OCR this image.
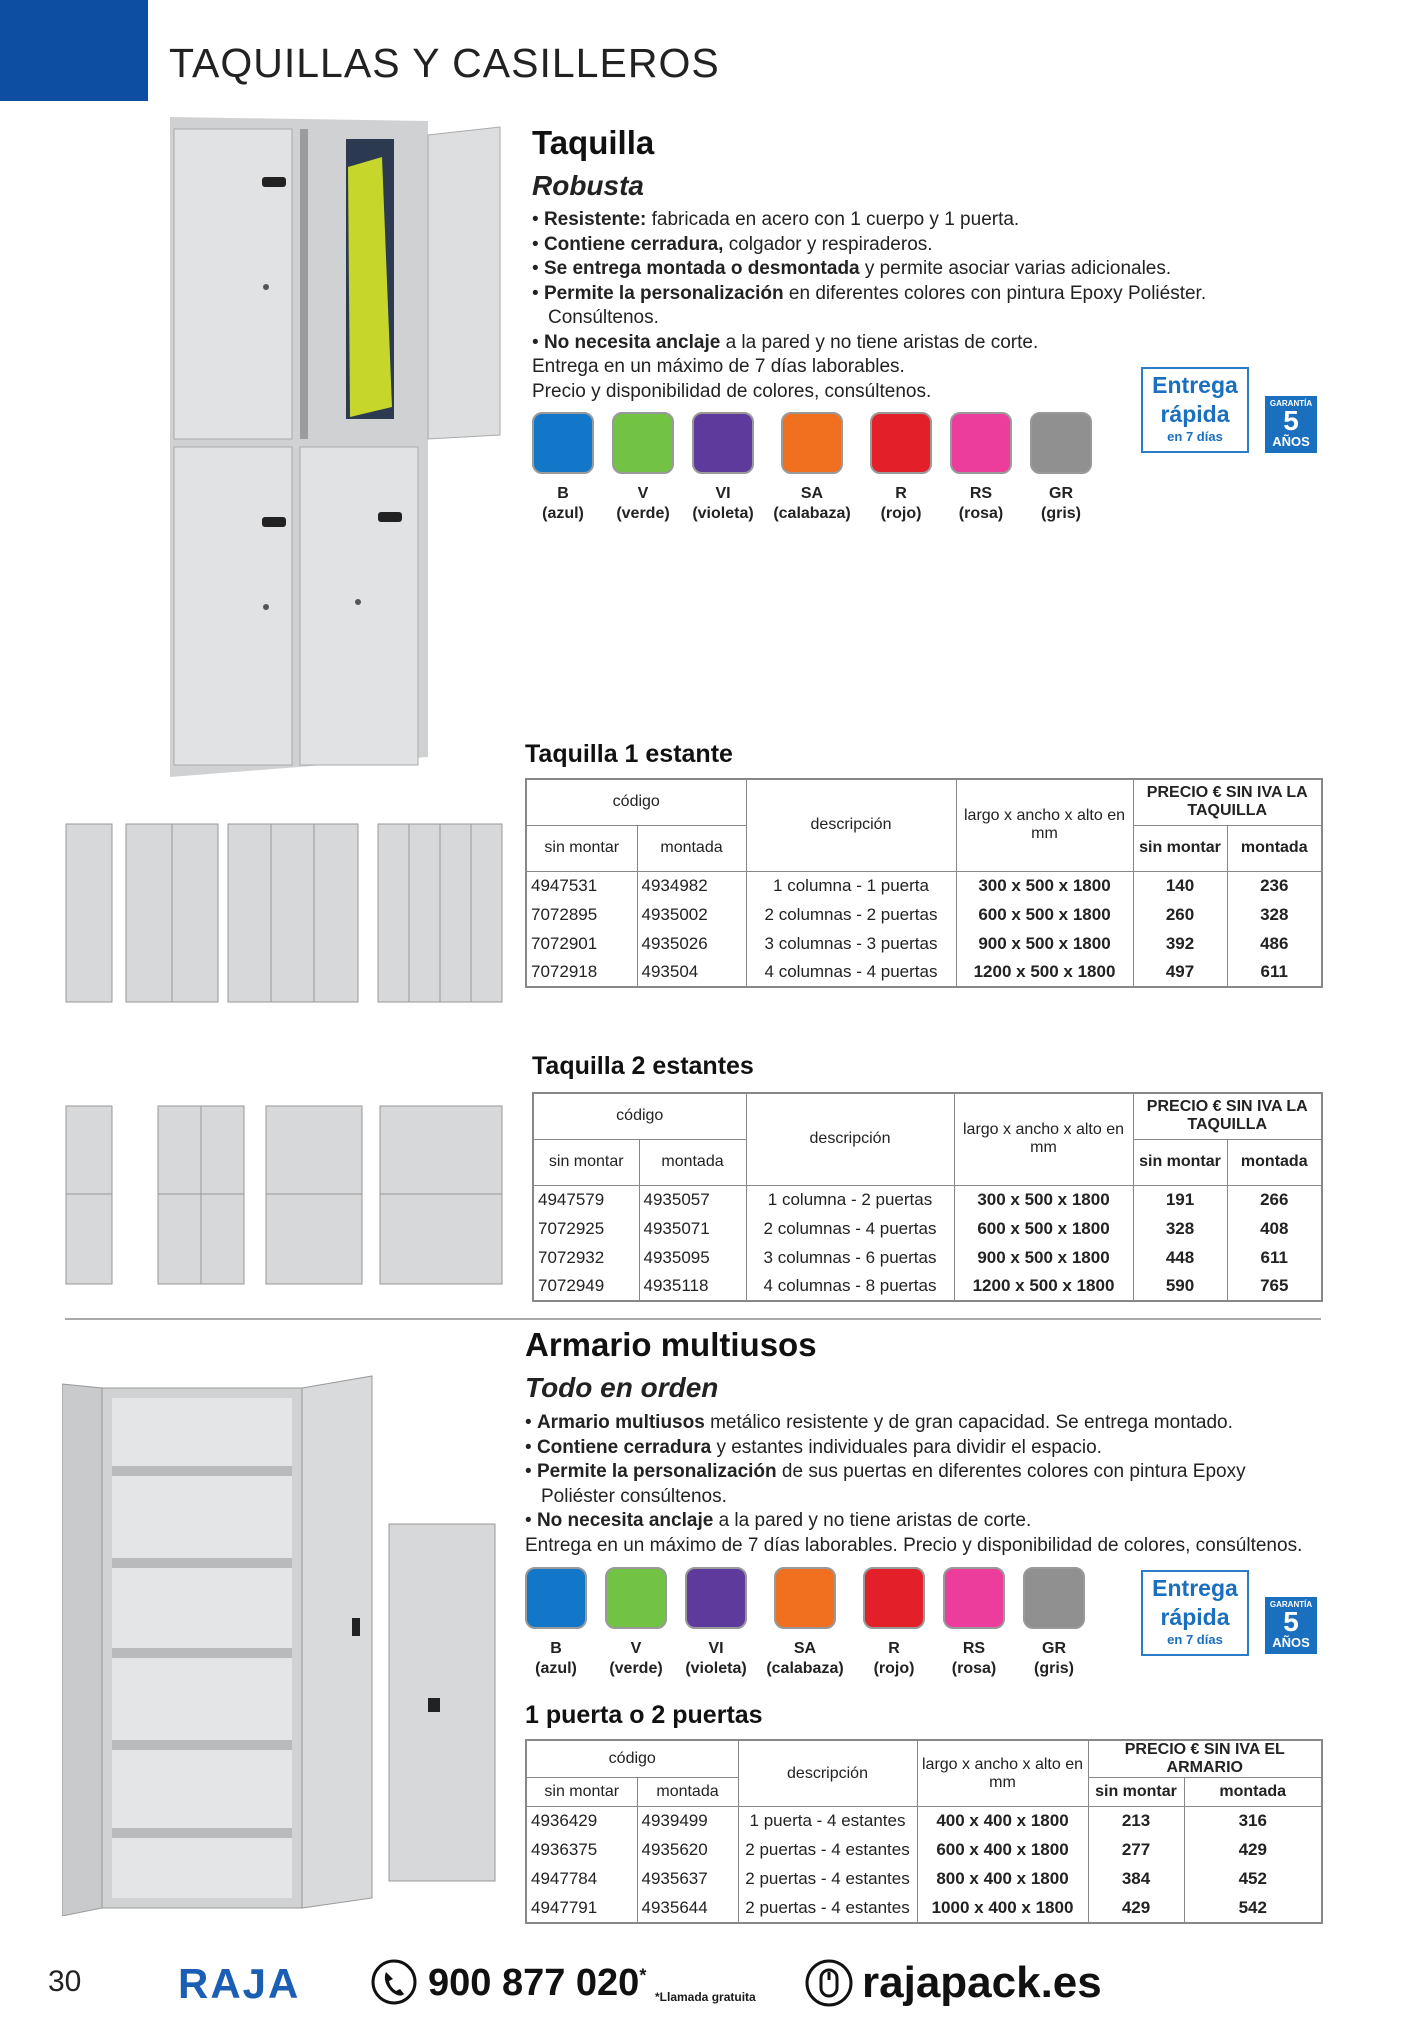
TAQUILLAS Y CASILLEROS
Taquilla
Robusta
• Resistente: fabricada en acero con 1 cuerpo y 1 puerta.
• Contiene cerradura, colgador y respiraderos.
• Se entrega montada o desmontada y permite asociar varias adicionales.
• Permite la personalización en diferentes colores con pintura Epoxy Poliéster.
Consúltenos.
• No necesita anclaje a la pared y no tiene aristas de corte.
Entrega en un máximo de 7 días laborables.
Precio y disponibilidad de colores, consúltenos.
B
(azul)
V
(verde)
VI
(violeta)
SA
(calabaza)
R
(rojo)
RS
(rosa)
GR
(gris)
Entrega
rápida
en 7 días
GARANTÍA
5
AÑOS
Taquilla 1 estante
código		descripción	largo x ancho x alto en mm	PRECIO € SIN IVA LA TAQUILLA	
sin montar	montada			sin montar	montada
4947531	4934982	1 columna - 1 puerta	300 x 500 x 1800	140	236
7072895	4935002	2 columnas - 2 puertas	600 x 500 x 1800	260	328
7072901	4935026	3 columnas - 3 puertas	900 x 500 x 1800	392	486
7072918	493504	4 columnas - 4 puertas	1200 x 500 x 1800	497	611
Taquilla 2 estantes
código		descripción	largo x ancho x alto en mm	PRECIO € SIN IVA LA TAQUILLA	
sin montar	montada			sin montar	montada
4947579	4935057	1 columna - 2 puertas	300 x 500 x 1800	191	266
7072925	4935071	2 columnas - 4 puertas	600 x 500 x 1800	328	408
7072932	4935095	3 columnas - 6 puertas	900 x 500 x 1800	448	611
7072949	4935118	4 columnas - 8 puertas	1200 x 500 x 1800	590	765
Armario multiusos
Todo en orden
• Armario multiusos metálico resistente y de gran capacidad. Se entrega montado.
• Contiene cerradura y estantes individuales para dividir el espacio.
• Permite la personalización de sus puertas en diferentes colores con pintura Epoxy
Poliéster consúltenos.
• No necesita anclaje a la pared y no tiene aristas de corte.
Entrega en un máximo de 7 días laborables. Precio y disponibilidad de colores, consúltenos.
B
(azul)
V
(verde)
VI
(violeta)
SA
(calabaza)
R
(rojo)
RS
(rosa)
GR
(gris)
Entrega
rápida
en 7 días
GARANTÍA
5
AÑOS
1 puerta o 2 puertas
código		descripción	largo x ancho x alto en mm	PRECIO € SIN IVA EL ARMARIO	
sin montar	montada			sin montar	montada
4936429	4939499	1 puerta - 4 estantes	400 x 400 x 1800	213	316
4936375	4935620	2 puertas - 4 estantes	600 x 400 x 1800	277	429
4947784	4935637	2 puertas - 4 estantes	800 x 400 x 1800	384	452
4947791	4935644	2 puertas - 4 estantes	1000 x 400 x 1800	429	542
30 RAJA	900 877 020*
*Llamada gratuita rajapack.es
